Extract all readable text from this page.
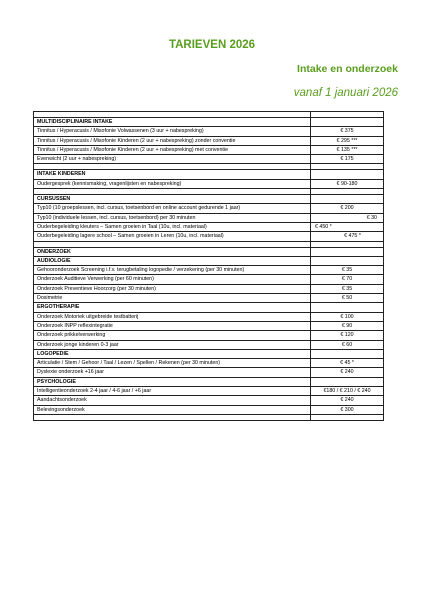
TARIEVEN 2026
Intake en onderzoek
vanaf 1 januari 2026

MULTIDISCIPLINAIRE INTAKE	
Tinnitus / Hyperacusis / Misofonie Volwassenen (3 uur + nabespreking)	€ 375
Tinnitus / Hyperacusis / Misofonie Kinderen (2 uur + nabespreking) zonder conventie	€ 295 ***
Tinnitus / Hyperacusis / Misofonie Kinderen (2 uur + nabespreking) met conventie	€ 135 ***
Evenwicht (2 uur + nabespreking)	€ 175

INTAKE KINDEREN	
Oudergesprek (kennismaking, vragenlijsten en nabespreking)	€ 90-180

CURSUSSEN	
Typ10 (10 groepslessen, incl. cursus, toetsenbord en online account gedurende 1 jaar)	€ 200
Typ10 (individuele lessen, incl. cursus, toetsenbord) per 30 minuten	€ 30
Ouderbegeleiding kleuters – Samen groeien in Taal (10u, incl. materiaal)	€ 450 *
Ouderbegeleiding lagere school – Samen groeien in Leren (10u, incl. materiaal)	€ 475 *

ONDERZOEK	
AUDIOLOGIE	
Gehooronderzoek Screening i.f.v. terugbetaling logopedie / verzekering (per 30 minuten)	€ 35
Onderzoek Auditieve Verwerking (per 60 minuten)	€ 70
Onderzoek Preventieve Hoorzorg (per 30 minuten)	€ 35
Dosimetrie	€ 50
ERGOTHERAPIE	
Onderzoek Motoriek uitgebreide testbatterij	€ 100
Onderzoek INPP reflexintegratie	€ 90
Onderzoek prikkelverwerking	€ 120
Onderzoek jonge kinderen 0-3 jaar	€ 60
LOGOPEDIE	
Articulatie / Stem / Gehoor / Taal / Lezen / Spellen / Rekenen (per 30 minuten)	€ 45 *
Dyslexie onderzoek +16 jaar	€ 240
PSYCHOLOGIE	
Intelligentieonderzoek 2-4 jaar / 4-6 jaar / +6 jaar	€180 / € 210 / € 240
Aandachtsonderzoek	€ 240
Belevingsonderzoek	€ 300
